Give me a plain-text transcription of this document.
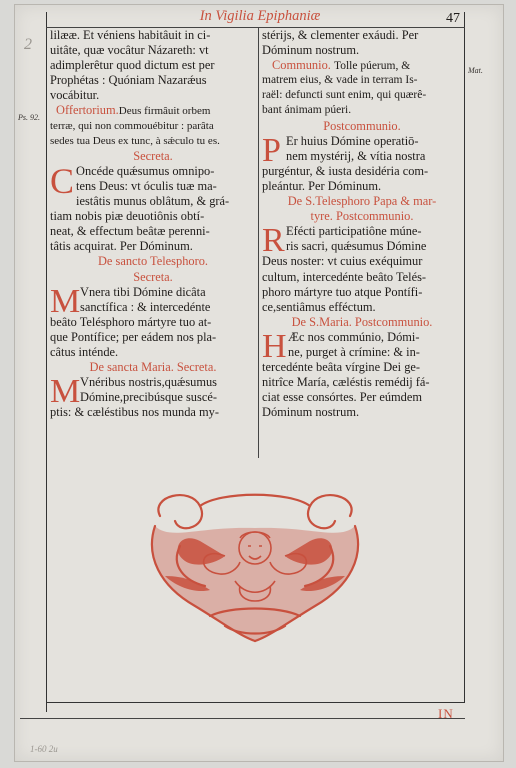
In Vigilia Epiphaniæ	47
Ps. 92.
Mat.
2
1-60 2u
lilææ. Et véniens habitâuit in ci-
uitâte, quæ vocâtur Názareth: vt
adimplerêtur quod dictum est per
Prophétas : Quóniam Nazarǽus
vocábitur.
Offertorium.Deus firmâuit orbem
terræ, qui non commouébitur : parâta
sedes tua Deus ex tunc, à sǽculo tu es.
Secreta.
C Oncéde quǽsumus omnipo-
tens Deus: vt óculis tuæ ma-
iestâtis munus oblâtum, & grá-
tiam nobis piæ deuotiônis obtí-
neat, & effectum beâtæ perenni-
tâtis acquirat. Per Dóminum.
De sancto Telesphoro.
Secreta.
M Vnera tibi Dómine dicâta
sanctífica : & intercedénte
beâto Telésphoro mártyre tuo at-
que Pontífice; per eádem nos pla-
câtus inténde.
De sancta Maria. Secreta.
M Vnéribus nostris,quǽsumus
Dómine,precibúsque suscé-
ptis: & cæléstibus nos munda my-
stérijs, & clementer exáudi. Per
Dóminum nostrum.
Communio. Tolle púerum, &
matrem eius, & vade in terram Is-
raël: defuncti sunt enim, qui quærê-
bant ánimam púeri.
Postcommunio.
P Er huius Dómine operatiō-
nem mystérij, & vítia nostra
purgéntur, & iusta desidéria com-
pleántur. Per Dóminum.
De S.Telesphoro Papa & mar-
tyre. Postcommunio.
R Efécti participatiône múne-
ris sacri, quǽsumus Dómine
Deus noster: vt cuius exéquimur
cultum, intercedénte beâto Telés-
phoro mártyre tuo atque Pontífi-
ce,sentiâmus efféctum.
De S.Maria. Postcommunio.
H Æc nos commúnio, Dómi-
ne, purget à crímine: & in-
tercedénte beâta vírgine Dei ge-
nitrîce María, cæléstis remédij fá-
ciat esse consórtes. Per eúmdem
Dóminum nostrum.
IN
